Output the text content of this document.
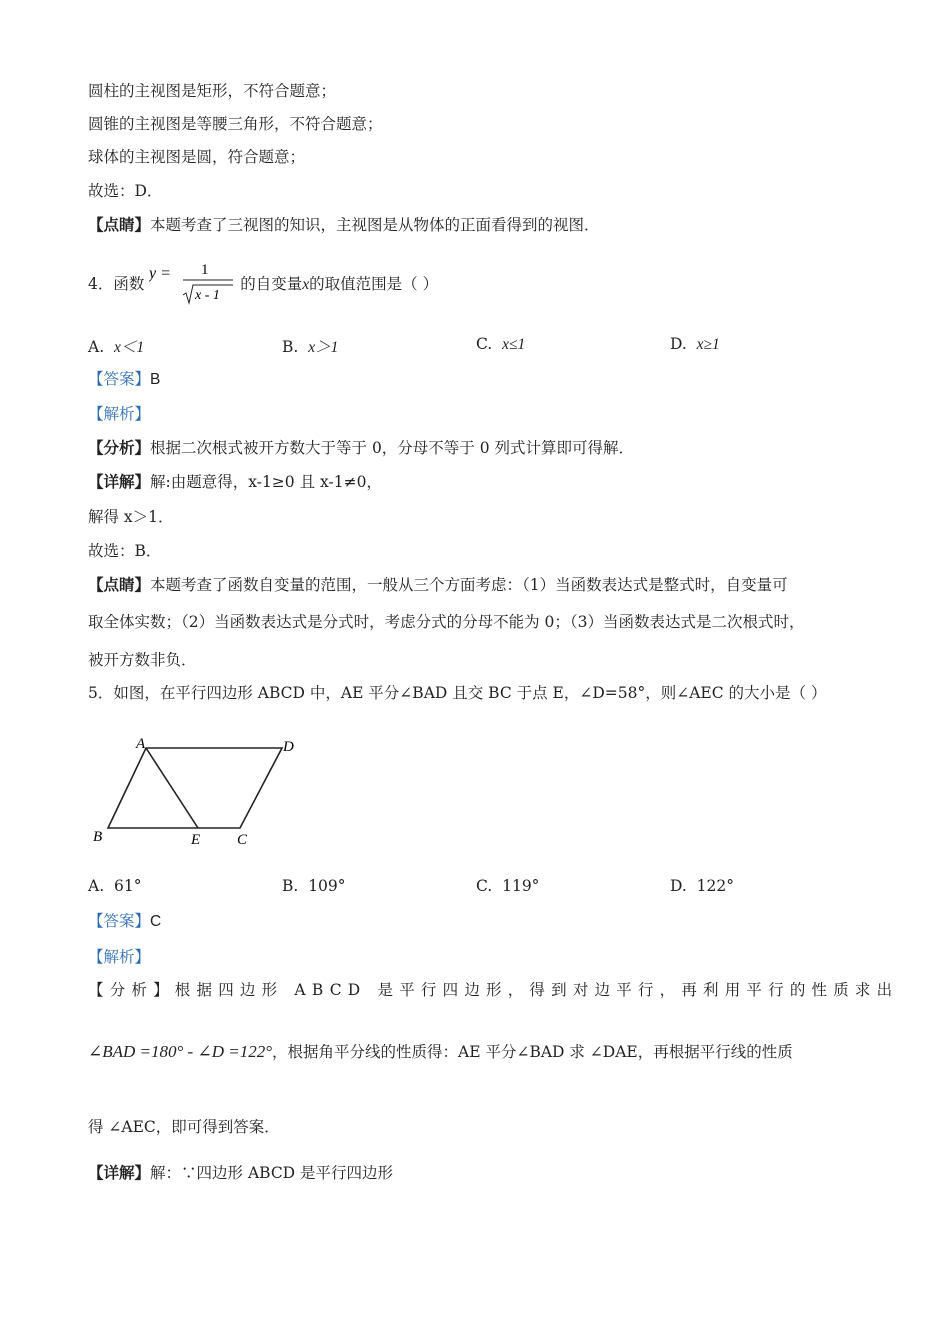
圆柱的主视图是矩形，不符合题意；
圆锥的主视图是等腰三角形，不符合题意；
球体的主视图是圆，符合题意；
故选：D．
【点睛】本题考查了三视图的知识，主视图是从物体的正面看得到的视图．
4．函数
y = 1
x - 1
的自变量x的取值范围是（ ）
A. x＜1	B. x＞1	C. x≤1	D. x≥1
【答案】B
【解析】
【分析】根据二次根式被开方数大于等于 0，分母不等于 0 列式计算即可得解．
【详解】解:由题意得，x-1≥0 且 x-1≠0，
解得 x＞1．
故选：B．
【点睛】本题考查了函数自变量的范围，一般从三个方面考虑：（1）当函数表达式是整式时，自变量可
取全体实数；（2）当函数表达式是分式时，考虑分式的分母不能为 0；（3）当函数表达式是二次根式时，
被开方数非负．
5．如图，在平行四边形 ABCD 中，AE 平分∠BAD 且交 BC 于点 E，∠D=58°，则∠AEC 的大小是（ ）
A	D
B	E C
A. 61°	B. 109°	C. 119°	D. 122°
【答案】C
【解析】
【分析】根据四边形 ABCD 是平行四边形，得到对边平行，再利用平行的性质求出
∠BAD =180° - ∠D =122°，根据角平分线的性质得：AE 平分∠BAD 求 ∠DAE，再根据平行线的性质
得 ∠AEC，即可得到答案．
【详解】解：∵四边形 ABCD 是平行四边形
